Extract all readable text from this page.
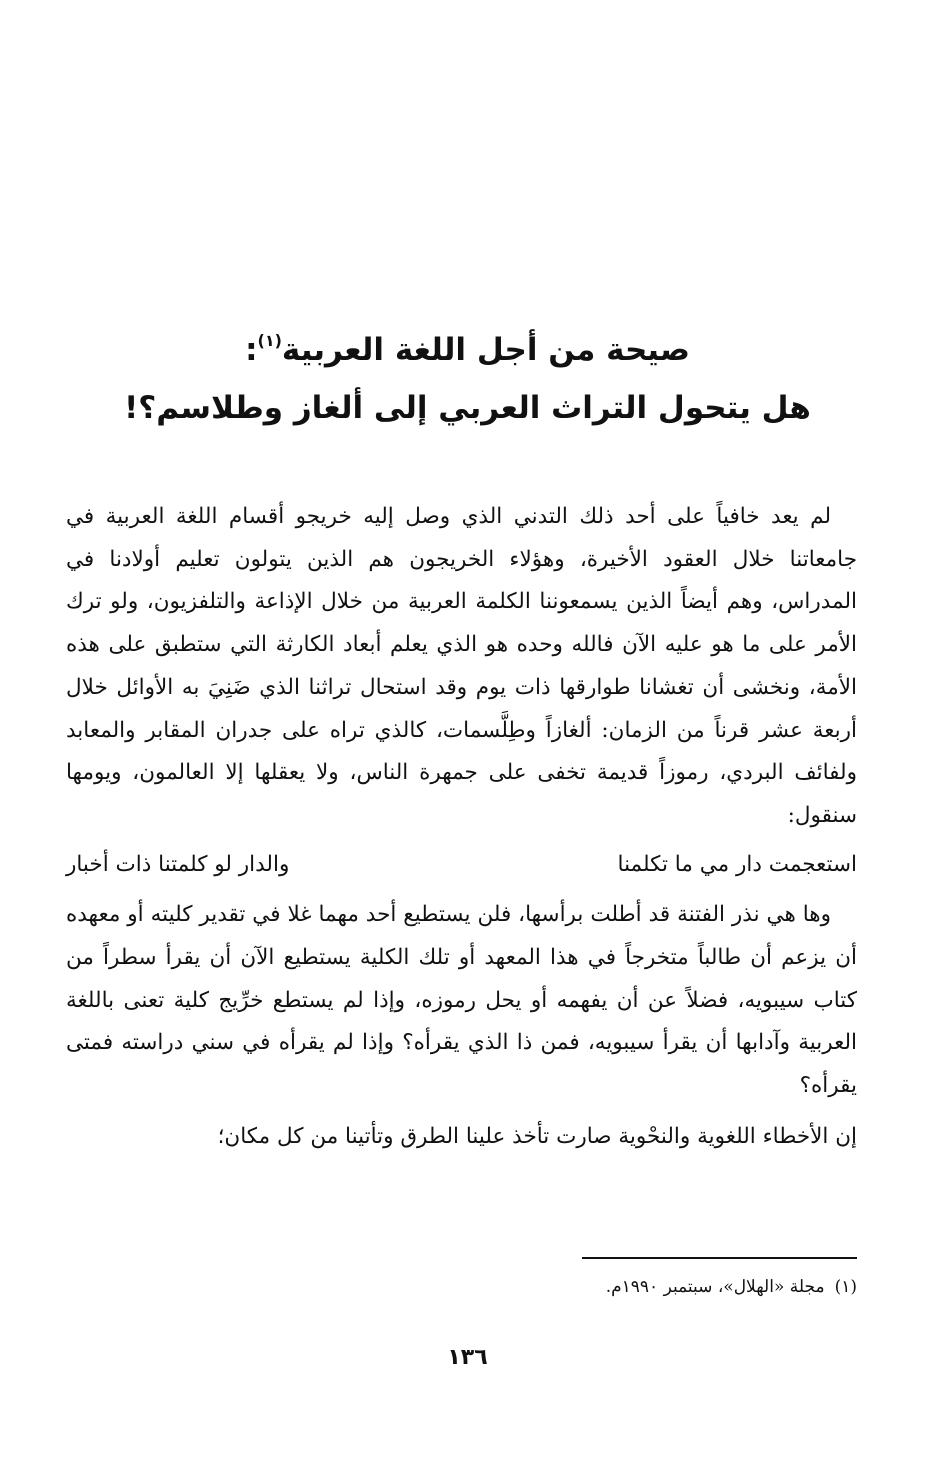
صيحة من أجل اللغة العربية$^{(١)}$:
هل يتحول التراث العربي إلى ألغاز وطلاسم؟!

لم يعد خافياً على أحد ذلك التدني الذي وصل إليه خريجو أقسام اللغة العربية في جامعاتنا خلال العقود الأخيرة، وهؤلاء الخريجون هم الذين يتولون تعليم أولادنا في المدراس، وهم أيضاً الذين يسمعوننا الكلمة العربية من خلال الإذاعة والتلفزيون، ولو ترك الأمر على ما هو عليه الآن فالله وحده هو الذي يعلم أبعاد الكارثة التي ستطبق على هذه الأمة، ونخشى أن تغشانا طوارقها ذات يوم وقد استحال تراثنا الذي ضَنِيَ به الأوائل خلال أربعة عشر قرناً من الزمان: ألغازاً وطِلَّسمات، كالذي تراه على جدران المقابر والمعابد ولفائف البردي، رموزاً قديمة تخفى على جمهرة الناس، ولا يعقلها إلا العالمون، ويومها سنقول:

استعجمت دار مي ما تكلمنا
والدار لو كلمتنا ذات أخبار

وها هي نذر الفتنة قد أطلت برأسها، فلن يستطيع أحد مهما غلا في تقدير كليته أو معهده أن يزعم أن طالباً متخرجاً في هذا المعهد أو تلك الكلية يستطيع الآن أن يقرأ سطراً من كتاب سيبويه، فضلاً عن أن يفهمه أو يحل رموزه، وإذا لم يستطع خرِّيج كلية تعنى باللغة العربية وآدابها أن يقرأ سيبويه، فمن ذا الذي يقرأه؟ وإذا لم يقرأه في سني دراسته فمتى يقرأه؟

إن الأخطاء اللغوية والنحْوية صارت تأخذ علينا الطرق وتأتينا من كل مكان؛

(١)مجلة «الهلال»، سبتمبر ١٩٩٠م.
١٣٦
